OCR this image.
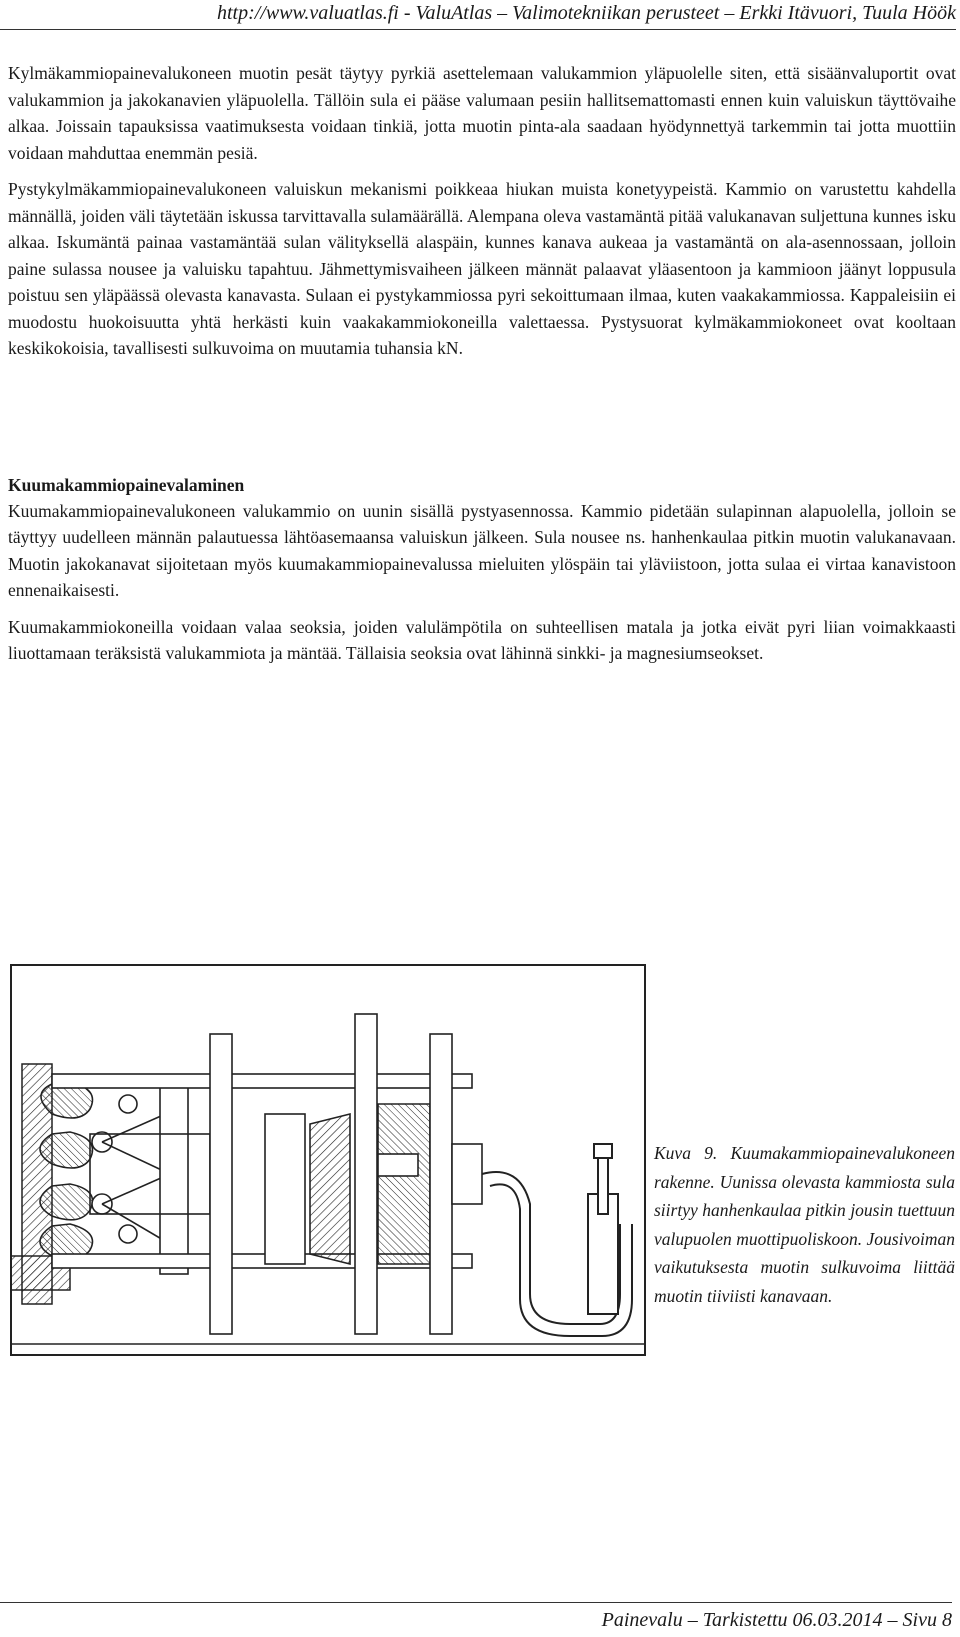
http://www.valuatlas.fi - ValuAtlas – Valimotekniikan perusteet – Erkki Itävuori, Tuula Höök

Kylmäkammiopainevalukoneen muotin pesät täytyy pyrkiä asettelemaan valukammion yläpuolelle siten, että sisäänvaluportit ovat valukammion ja jakokanavien yläpuolella. Tällöin sula ei pääse valumaan pesiin hallitsemattomasti ennen kuin valuiskun täyttövaihe alkaa. Joissain tapauksissa vaatimuksesta voidaan tinkiä, jotta muotin pinta-ala saadaan hyödynnettyä tarkemmin tai jotta muottiin voidaan mahduttaa enemmän pesiä.

Pystykylmäkammiopainevalukoneen valuiskun mekanismi poikkeaa hiukan muista konetyypeistä. Kammio on varustettu kahdella männällä, joiden väli täytetään iskussa tarvittavalla sulamäärällä. Alempana oleva vastamäntä pitää valukanavan suljettuna kunnes isku alkaa. Iskumäntä painaa vastamäntää sulan välityksellä alaspäin, kunnes kanava aukeaa ja vastamäntä on ala-asennossaan, jolloin paine sulassa nousee ja valuisku tapahtuu. Jähmettymisvaiheen jälkeen männät palaavat yläasentoon ja kammioon jäänyt loppusula poistuu sen yläpäässä olevasta kanavasta. Sulaan ei pystykammiossa pyri sekoittumaan ilmaa, kuten vaakakammiossa. Kappaleisiin ei muodostu huokoisuutta yhtä herkästi kuin vaakakammiokoneilla valettaessa. Pystysuorat kylmäkammiokoneet ovat kooltaan keskikokoisia, tavallisesti sulkuvoima on muutamia tuhansia kN.

Kuumakammiopainevalaminen

Kuumakammiopainevalukoneen valukammio on uunin sisällä pystyasennossa. Kammio pidetään sulapinnan alapuolella, jolloin se täyttyy uudelleen männän palautuessa lähtöasemaansa valuiskun jälkeen. Sula nousee ns. hanhenkaulaa pitkin muotin valukanavaan. Muotin jakokanavat sijoitetaan myös kuumakammiopainevalussa mieluiten ylöspäin tai yläviistoon, jotta sulaa ei virtaa kanavistoon ennenaikaisesti.

Kuumakammiokoneilla voidaan valaa seoksia, joiden valulämpötila on suhteellisen matala ja jotka eivät pyri liian voimakkaasti liuottamaan teräksistä valukammiota ja mäntää. Tällaisia seoksia ovat lähinnä sinkki- ja magnesiumseokset.

Kuva 9. Kuumakammiopainevalukoneen rakenne. Uunissa olevasta kammiosta sula siirtyy hanhenkaulaa pitkin jousin tuettuun valupuolen muottipuoliskoon. Jousivoiman vaikutuksesta muotin sulkuvoima liittää muotin tiiviisti kanavaan.
Painevalu – Tarkistettu 06.03.2014 – Sivu 8
